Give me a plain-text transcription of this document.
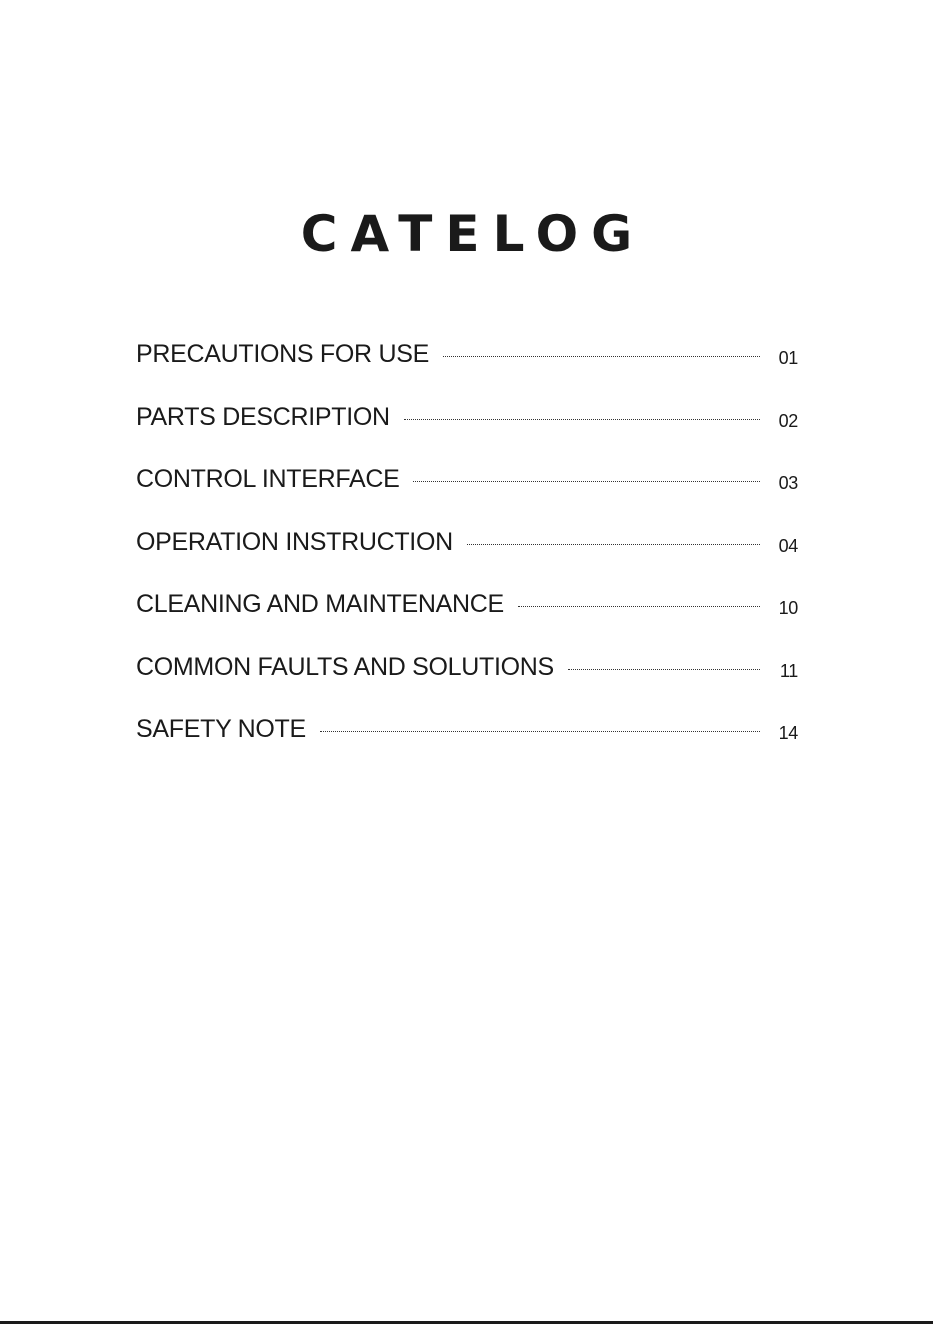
CATELOG
PRECAUTIONS FOR USE	01
PARTS DESCRIPTION	02
CONTROL INTERFACE	03
OPERATION INSTRUCTION	04
CLEANING AND MAINTENANCE	10
COMMON FAULTS AND SOLUTIONS	11
SAFETY NOTE	14
